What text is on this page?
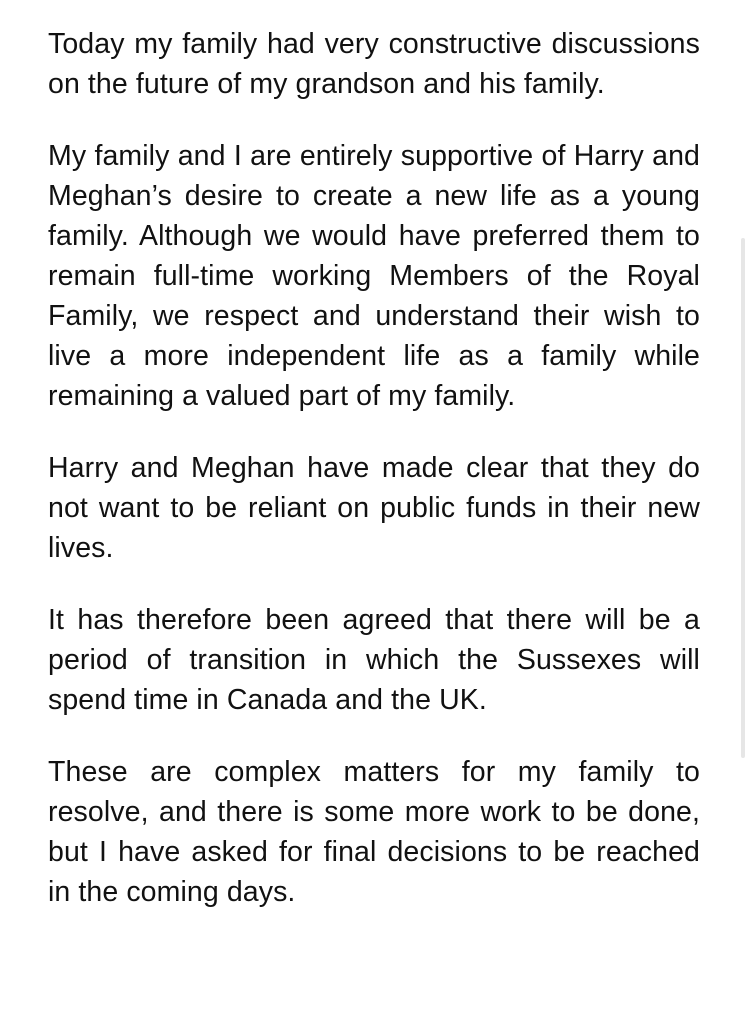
Today my family had very constructive discussions on the future of my grandson and his family.

My family and I are entirely supportive of Harry and Meghan’s desire to create a new life as a young family. Although we would have preferred them to remain full-time working Members of the Royal Family, we respect and understand their wish to live a more independent life as a family while remaining a valued part of my family.

Harry and Meghan have made clear that they do not want to be reliant on public funds in their new lives.

It has therefore been agreed that there will be a period of transition in which the Sussexes will spend time in Canada and the UK.

These are complex matters for my family to resolve, and there is some more work to be done, but I have asked for final decisions to be reached in the coming days.
